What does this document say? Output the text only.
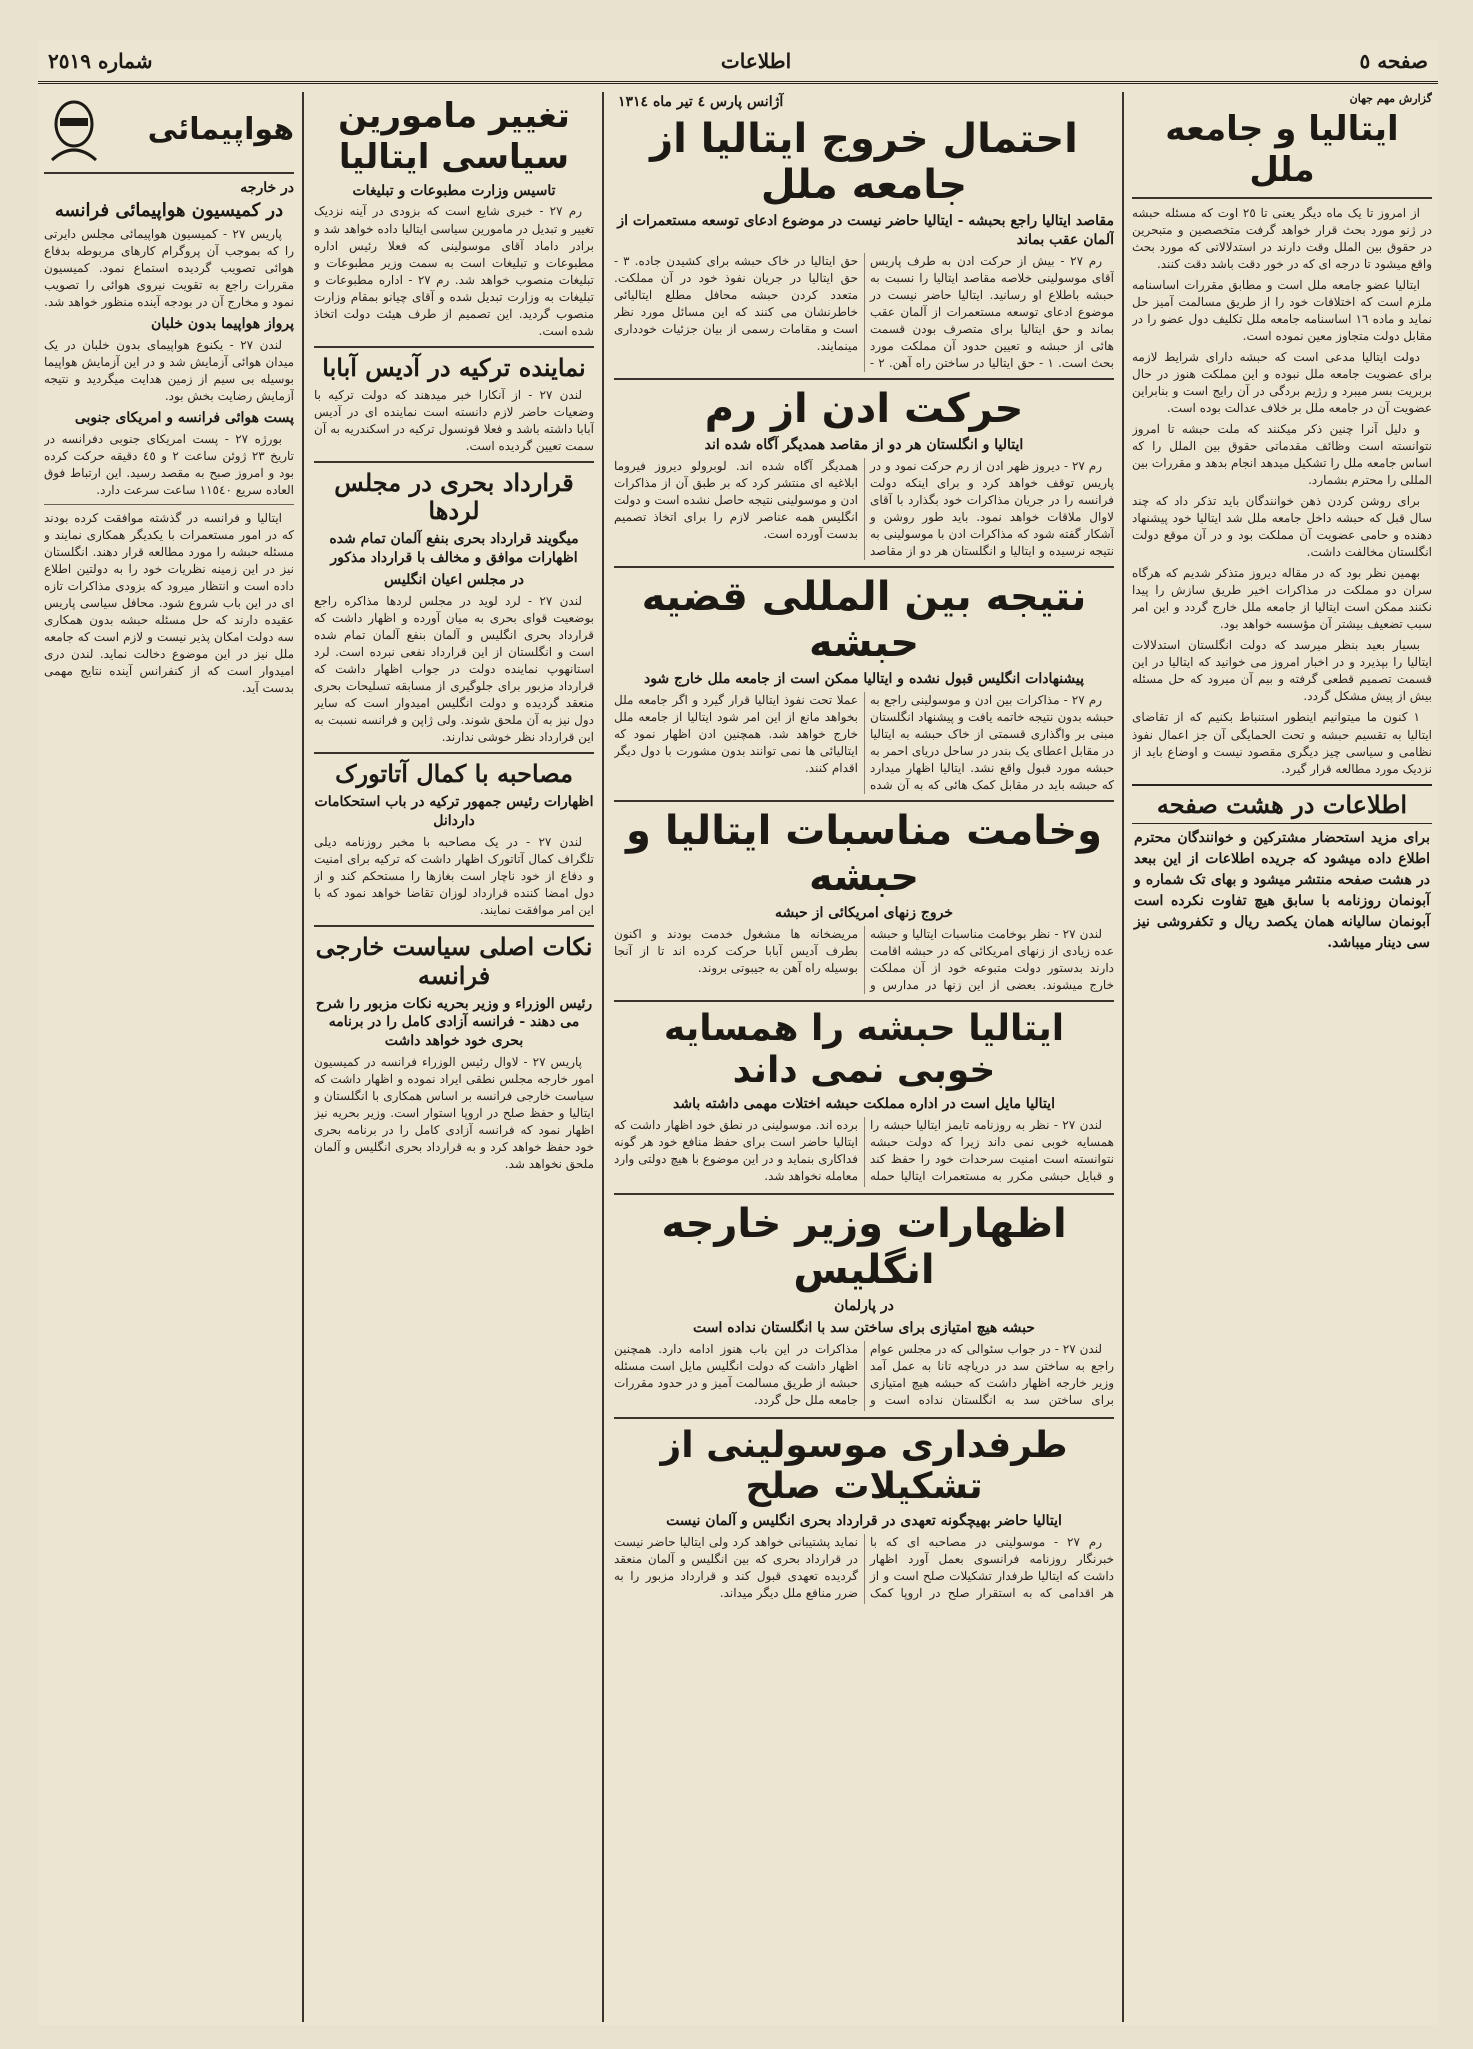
صفحه ٥
اطلاعات
شماره ٢٥١٩
گزارش مهم جهان
ایتالیا و جامعه ملل

از امروز تا یک ماه دیگر یعنی تا ٢٥ اوت که مسئله حبشه در ژنو مورد بحث قرار خواهد گرفت متخصصین و متبحرین در حقوق بین الملل وقت دارند در استدلالاتی که مورد بحث واقع میشود تا درجه ای که در خور دقت باشد دقت کنند.

ایتالیا عضو جامعه ملل است و مطابق مقررات اساسنامه ملزم است که اختلافات خود را از طریق مسالمت آمیز حل نماید و ماده ١٦ اساسنامه جامعه ملل تکلیف دول عضو را در مقابل دولت متجاوز معین نموده است.

دولت ایتالیا مدعی است که حبشه دارای شرایط لازمه برای عضویت جامعه ملل نبوده و این مملکت هنوز در حال بربریت بسر میبرد و رژیم بردگی در آن رایج است و بنابراین عضویت آن در جامعه ملل بر خلاف عدالت بوده است.

و دلیل آنرا چنین ذکر میکنند که ملت حبشه تا امروز نتوانسته است وظائف مقدماتی حقوق بین الملل را که اساس جامعه ملل را تشکیل میدهد انجام بدهد و مقررات بین المللی را محترم بشمارد.

برای روشن کردن ذهن خوانندگان باید تذکر داد که چند سال قبل که حبشه داخل جامعه ملل شد ایتالیا خود پیشنهاد دهنده و حامی عضویت آن مملکت بود و در آن موقع دولت انگلستان مخالفت داشت.

بهمین نظر بود که در مقاله دیروز متذکر شدیم که هرگاه سران دو مملکت در مذاکرات اخیر طریق سازش را پیدا نکنند ممکن است ایتالیا از جامعه ملل خارج گردد و این امر سبب تضعیف بیشتر آن مؤسسه خواهد بود.

بسیار بعید بنظر میرسد که دولت انگلستان استدلالات ایتالیا را بپذیرد و در اخبار امروز می خوانید که ایتالیا در این قسمت تصمیم قطعی گرفته و بیم آن میرود که حل مسئله بیش از پیش مشکل گردد.

۱ کنون ما میتوانیم اینطور استنباط بکنیم که از تقاضای ایتالیا به تقسیم حبشه و تحت الحمایگی آن جز اعمال نفوذ نظامی و سیاسی چیز دیگری مقصود نیست و اوضاع باید از نزدیک مورد مطالعه قرار گیرد.

اطلاعات در هشت صفحه
برای مزید استحضار مشترکین و خوانندگان محترم اطلاع داده میشود که جریده اطلاعات از این ببعد در هشت صفحه منتشر میشود و بهای تک شماره و آبونمان روزنامه با سابق هیچ تفاوت نکرده است آبونمان سالیانه همان یکصد ریال و تکفروشی نیز سی دینار میباشد.
آژانس پارس ٤ تیر ماه ١٣١٤
احتمال خروج ایتالیا از جامعه ملل
مقاصد ایتالیا راجع بحبشه - ایتالیا حاضر نیست در موضوع ادعای توسعه مستعمرات از آلمان عقب بماند

رم ٢٧ - بیش از حرکت ادن به طرف پاریس آقای موسولینی خلاصه مقاصد ایتالیا را نسبت به حبشه باطلاع او رسانید. ایتالیا حاضر نیست در موضوع ادعای توسعه مستعمرات از آلمان عقب بماند و حق ایتالیا برای متصرف بودن قسمت هائی از حبشه و تعیین حدود آن مملکت مورد بحث است. ١ - حق ایتالیا در ساختن راه آهن. ٢ - حق ایتالیا در خاک حبشه برای کشیدن جاده. ٣ - حق ایتالیا در جریان نفوذ خود در آن مملکت. متعدد کردن حبشه محافل مطلع ایتالیائی خاطرنشان می کنند که این مسائل مورد نظر است و مقامات رسمی از بیان جزئیات خودداری مینمایند.

حرکت ادن از رم
ایتالیا و انگلستان هر دو از مقاصد همدیگر آگاه شده اند

رم ٢٧ - دیروز ظهر ادن از رم حرکت نمود و در پاریس توقف خواهد کرد و برای اینکه دولت فرانسه را در جریان مذاکرات خود بگذارد با آقای لاوال ملاقات خواهد نمود. باید طور روشن و آشکار گفته شود که مذاکرات ادن با موسولینی به نتیجه نرسیده و ایتالیا و انگلستان هر دو از مقاصد همدیگر آگاه شده اند. لوبرولو دیروز فیروما ابلاغیه ای منتشر کرد که بر طبق آن از مذاکرات ادن و موسولینی نتیجه حاصل نشده است و دولت انگلیس همه عناصر لازم را برای اتخاذ تصمیم بدست آورده است.

نتیجه بین المللی قضیه حبشه
پیشنهادات انگلیس قبول نشده و ایتالیا ممکن است از جامعه ملل خارج شود

رم ٢٧ - مذاکرات بین ادن و موسولینی راجع به حبشه بدون نتیجه خاتمه یافت و پیشنهاد انگلستان مبنی بر واگذاری قسمتی از خاک حبشه به ایتالیا در مقابل اعطای یک بندر در ساحل دریای احمر به حبشه مورد قبول واقع نشد. ایتالیا اظهار میدارد که حبشه باید در مقابل کمک هائی که به آن شده عملا تحت نفوذ ایتالیا قرار گیرد و اگر جامعه ملل بخواهد مانع از این امر شود ایتالیا از جامعه ملل خارج خواهد شد. همچنین ادن اظهار نمود که ایتالیائی ها نمی توانند بدون مشورت با دول دیگر اقدام کنند.

وخامت مناسبات ایتالیا و حبشه
خروج زنهای امریکائی از حبشه

لندن ٢٧ - نظر بوخامت مناسبات ایتالیا و حبشه عده زیادی از زنهای امریکائی که در حبشه اقامت دارند بدستور دولت متبوعه خود از آن مملکت خارج میشوند. بعضی از این زنها در مدارس و مریضخانه ها مشغول خدمت بودند و اکنون بطرف آدیس آبابا حرکت کرده اند تا از آنجا بوسیله راه آهن به جیبوتی بروند.

ایتالیا حبشه را همسایه خوبی نمی داند
ایتالیا مایل است در اداره مملکت حبشه اختلات مهمی داشته باشد

لندن ٢٧ - نظر به روزنامه تایمز ایتالیا حبشه را همسایه خوبی نمی داند زیرا که دولت حبشه نتوانسته است امنیت سرحدات خود را حفظ کند و قبایل حبشی مکرر به مستعمرات ایتالیا حمله برده اند. موسولینی در نطق خود اظهار داشت که ایتالیا حاضر است برای حفظ منافع خود هر گونه فداکاری بنماید و در این موضوع با هیچ دولتی وارد معامله نخواهد شد.

اظهارات وزیر خارجه انگلیس
در پارلمان
حبشه هیچ امتیازی برای ساختن سد با انگلستان نداده است

لندن ٢٧ - در جواب سئوالی که در مجلس عوام راجع به ساختن سد در دریاچه تانا به عمل آمد وزیر خارجه اظهار داشت که حبشه هیچ امتیازی برای ساختن سد به انگلستان نداده است و مذاکرات در این باب هنوز ادامه دارد. همچنین اظهار داشت که دولت انگلیس مایل است مسئله حبشه از طریق مسالمت آمیز و در حدود مقررات جامعه ملل حل گردد.

طرفداری موسولینی از تشکیلات صلح
ایتالیا حاضر بهیچگونه تعهدی در قرارداد بحری انگلیس و آلمان نیست

رم ٢٧ - موسولینی در مصاحبه ای که با خبرنگار روزنامه فرانسوی بعمل آورد اظهار داشت که ایتالیا طرفدار تشکیلات صلح است و از هر اقدامی که به استقرار صلح در اروپا کمک نماید پشتیبانی خواهد کرد ولی ایتالیا حاضر نیست در قرارداد بحری که بین انگلیس و آلمان منعقد گردیده تعهدی قبول کند و قرارداد مزبور را به ضرر منافع ملل دیگر میداند.

تغییر مامورین سیاسی ایتالیا
تاسیس وزارت مطبوعات و تبلیغات

رم ٢٧ - خبری شایع است که بزودی در آینه نزدیک تغییر و تبدیل در مامورین سیاسی ایتالیا داده خواهد شد و برادر داماد آقای موسولینی که فعلا رئیس اداره مطبوعات و تبلیغات است به سمت وزیر مطبوعات و تبلیغات منصوب خواهد شد. رم ٢٧ - اداره مطبوعات و تبلیغات به وزارت تبدیل شده و آقای چیانو بمقام وزارت منصوب گردید. این تصمیم از طرف هیئت دولت اتخاذ شده است.

نماینده ترکیه در آدیس آبابا

لندن ٢٧ - از آنکارا خبر میدهند که دولت ترکیه با وضعیات حاضر لازم دانسته است نماینده ای در آدیس آبابا داشته باشد و فعلا قونسول ترکیه در اسکندریه به آن سمت تعیین گردیده است.

قرارداد بحری در مجلس لردها
میگویند قرارداد بحری بنفع آلمان تمام شده اظهارات موافق و مخالف با قرارداد مذکور
در مجلس اعیان انگلیس

لندن ٢٧ - لرد لوید در مجلس لردها مذاکره راجع بوضعیت قوای بحری به میان آورده و اظهار داشت که قرارداد بحری انگلیس و آلمان بنفع آلمان تمام شده است و انگلستان از این قرارداد نفعی نبرده است. لرد استانهوپ نماینده دولت در جواب اظهار داشت که قرارداد مزبور برای جلوگیری از مسابقه تسلیحات بحری منعقد گردیده و دولت انگلیس امیدوار است که سایر دول نیز به آن ملحق شوند. ولی ژاپن و فرانسه نسبت به این قرارداد نظر خوشی ندارند.

مصاحبه با کمال آتاتورک
اظهارات رئیس جمهور ترکیه در باب استحکامات داردانل

لندن ٢٧ - در یک مصاحبه با مخبر روزنامه دیلی تلگراف کمال آتاتورک اظهار داشت که ترکیه برای امنیت و دفاع از خود ناچار است بغازها را مستحکم کند و از دول امضا کننده قرارداد لوزان تقاضا خواهد نمود که با این امر موافقت نمایند.

نکات اصلی سیاست خارجی فرانسه
رئیس الوزراء و وزیر بحریه نکات مزبور را شرح می دهند - فرانسه آزادی کامل را در برنامه بحری خود خواهد داشت

پاریس ٢٧ - لاوال رئیس الوزراء فرانسه در کمیسیون امور خارجه مجلس نطقی ایراد نموده و اظهار داشت که سیاست خارجی فرانسه بر اساس همکاری با انگلستان و ایتالیا و حفظ صلح در اروپا استوار است. وزیر بحریه نیز اظهار نمود که فرانسه آزادی کامل را در برنامه بحری خود حفظ خواهد کرد و به قرارداد بحری انگلیس و آلمان ملحق نخواهد شد.

هواپیمائی
در خارجه
در کمیسیون هواپیمائی فرانسه

پاریس ٢٧ - کمیسیون هواپیمائی مجلس دایرتی را که بموجب آن پروگرام کارهای مربوطه بدفاع هوائی تصویب گردیده استماع نمود. کمیسیون مقررات راجع به تقویت نیروی هوائی را تصویب نمود و مخارج آن در بودجه آینده منظور خواهد شد.

پرواز هواپیما بدون خلبان

لندن ٢٧ - یکنوع هواپیمای بدون خلبان در یک میدان هوائی آزمایش شد و در این آزمایش هواپیما بوسیله بی سیم از زمین هدایت میگردید و نتیجه آزمایش رضایت بخش بود.

پست هوائی فرانسه و امریکای جنوبی

بورژه ٢٧ - پست امریکای جنوبی دفرانسه در تاریخ ٢٣ ژوئن ساعت ٢ و ٤٥ دقیقه حرکت کرده بود و امروز صبح به مقصد رسید. این ارتباط فوق العاده سریع ١١٥٤٠ ساعت سرعت دارد.

ایتالیا و فرانسه در گذشته موافقت کرده بودند که در امور مستعمرات با یکدیگر همکاری نمایند و مسئله حبشه را مورد مطالعه قرار دهند. انگلستان نیز در این زمینه نظریات خود را به دولتین اطلاع داده است و انتظار میرود که بزودی مذاکرات تازه ای در این باب شروع شود. محافل سیاسی پاریس عقیده دارند که حل مسئله حبشه بدون همکاری سه دولت امکان پذیر نیست و لازم است که جامعه ملل نیز در این موضوع دخالت نماید. لندن دری امیدوار است که از کنفرانس آینده نتایج مهمی بدست آید.
